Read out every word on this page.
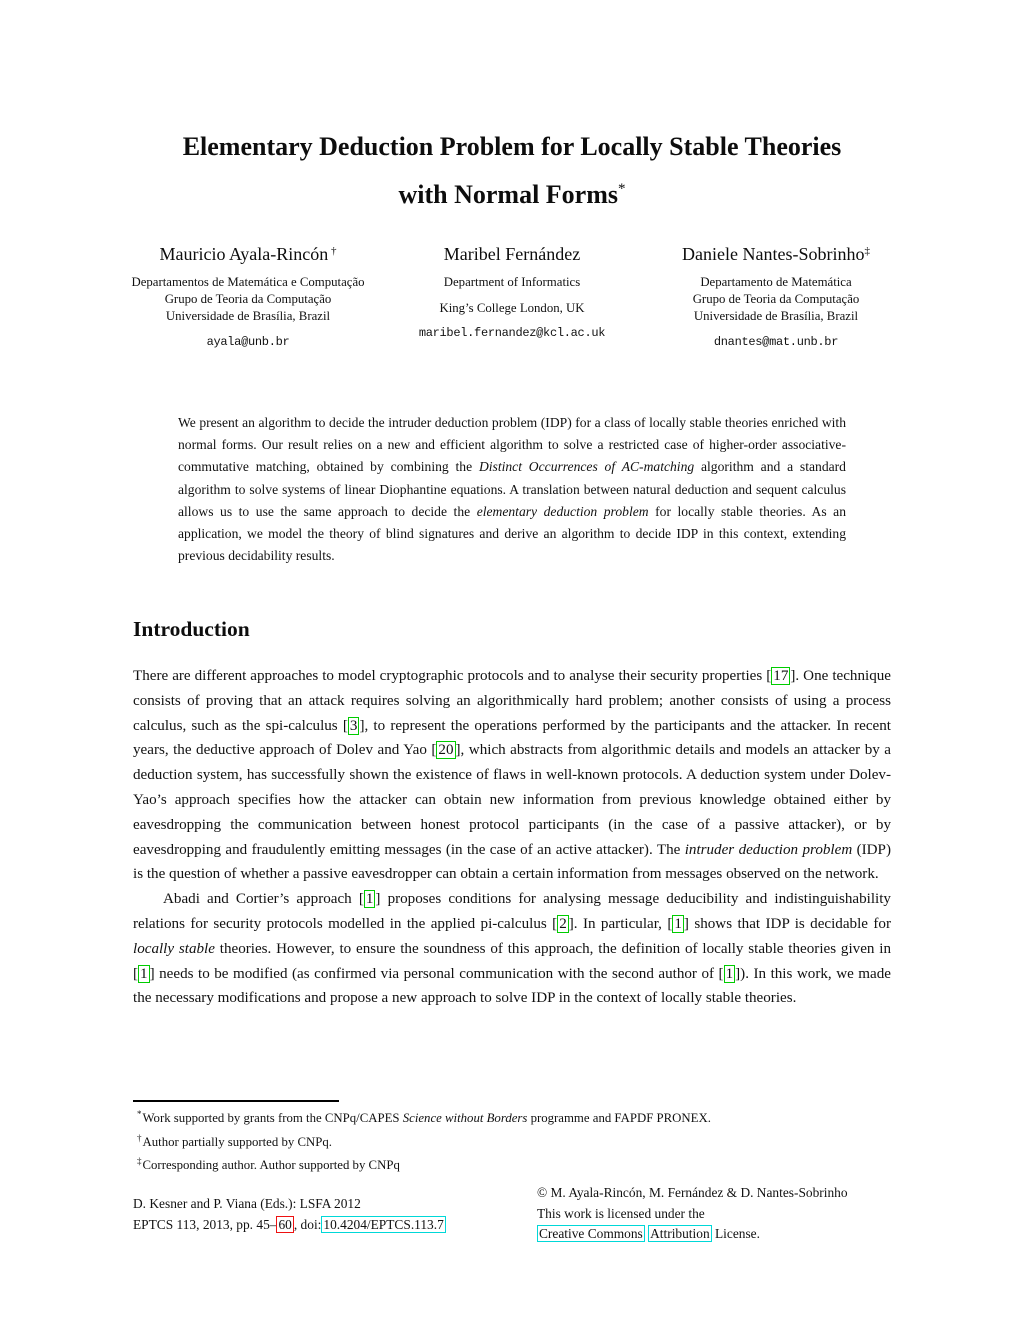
Elementary Deduction Problem for Locally Stable Theories
with Normal Forms*
Mauricio Ayala-Rincón †
Departamentos de Matemática e Computação
Grupo de Teoria da Computação
Universidade de Brasília, Brazil
ayala@unb.br
Maribel Fernández
Department of Informatics
King’s College London, UK
maribel.fernandez@kcl.ac.uk
Daniele Nantes-Sobrinho‡
Departamento de Matemática
Grupo de Teoria da Computação
Universidade de Brasília, Brazil
dnantes@mat.unb.br
We present an algorithm to decide the intruder deduction problem (IDP) for a class of locally stable theories enriched with normal forms. Our result relies on a new and efficient algorithm to solve a restricted case of higher-order associative-commutative matching, obtained by combining the Distinct Occurrences of AC-matching algorithm and a standard algorithm to solve systems of linear Diophantine equations. A translation between natural deduction and sequent calculus allows us to use the same approach to decide the elementary deduction problem for locally stable theories. As an application, we model the theory of blind signatures and derive an algorithm to decide IDP in this context, extending previous decidability results.
Introduction

There are different approaches to model cryptographic protocols and to analyse their security properties [ 17 ]. One technique consists of proving that an attack requires solving an algorithmically hard problem; another consists of using a process calculus, such as the spi-calculus [ 3 ], to represent the operations performed by the participants and the attacker. In recent years, the deductive approach of Dolev and Yao [ 20 ], which abstracts from algorithmic details and models an attacker by a deduction system, has successfully shown the existence of flaws in well-known protocols. A deduction system under Dolev-Yao’s approach specifies how the attacker can obtain new information from previous knowledge obtained either by eavesdropping the communication between honest protocol participants (in the case of a passive attacker), or by eavesdropping and fraudulently emitting messages (in the case of an active attacker). The intruder deduction problem (IDP) is the question of whether a passive eavesdropper can obtain a certain information from messages observed on the network.

Abadi and Cortier’s approach [ 1 ] proposes conditions for analysing message deducibility and indistinguishability relations for security protocols modelled in the applied pi-calculus [ 2 ]. In particular, [ 1 ] shows that IDP is decidable for locally stable theories. However, to ensure the soundness of this approach, the definition of locally stable theories given in [ 1 ] needs to be modified (as confirmed via personal communication with the second author of [ 1 ]). In this work, we made the necessary modifications and propose a new approach to solve IDP in the context of locally stable theories.

*Work supported by grants from the CNPq/CAPES Science without Borders programme and FAPDF PRONEX.
†Author partially supported by CNPq.
‡Corresponding author. Author supported by CNPq
D. Kesner and P. Viana (Eds.): LSFA 2012
EPTCS 113, 2013, pp. 45– 60 , doi: 10.4204/EPTCS.113.7
© M. Ayala-Rincón, M. Fernández & D. Nantes-Sobrinho
This work is licensed under the
Creative Commons Attribution License.
